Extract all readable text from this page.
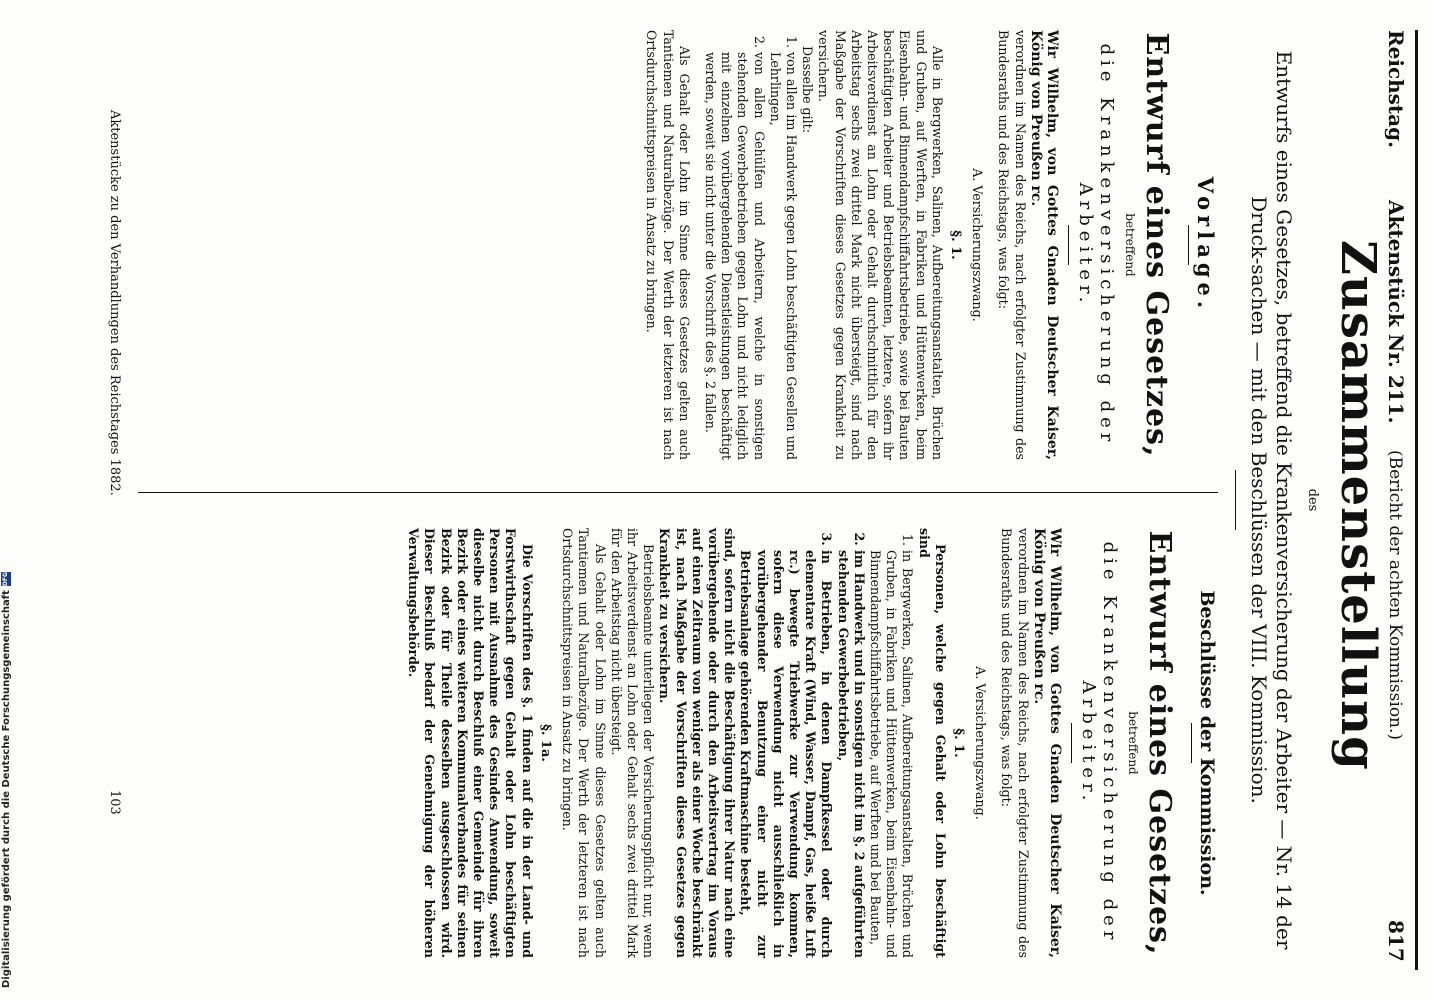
Reichstag.
Aktenstück Nr. 211.
(Bericht der achten Kommission.)
817
Zusammenstellung
des
Entwurfs eines Gesetzes, betreffend die Krankenversicherung der Arbeiter — Nr. 14 der Druck-sachen — mit den Beschlüssen der VIII. Kommission.
Vorlage.
Entwurf eines Gesetzes,
betreffend
die Krankenversicherung der Arbeiter.

Wir Wilhelm, von Gottes Gnaden Deutscher Kaiser, König von Preußen rc.

verordnen im Namen des Reichs, nach erfolgter Zustimmung des Bundesraths und des Reichstags, was folgt:

A. Versicherungszwang.

§. 1.

Alle in Bergwerken, Salinen, Aufbereitungsanstalten, Brüchen und Gruben, auf Werften, in Fabriken und Hüttenwerken, beim Eisenbahn- und Binnendampfschiffahrtsbetriebe, sowie bei Bauten beschäftigten Arbeiter und Betriebsbeamten, letztere, sofern ihr Arbeitsverdienst an Lohn oder Gehalt durchschnittlich für den Arbeitstag sechs zwei drittel Mark nicht übersteigt, sind nach Maßgabe der Vorschriften dieses Gesetzes gegen Krankheit zu versichern.

Dasselbe gilt:

1. von allen im Handwerk gegen Lohn beschäftigten Gesellen und Lehrlingen,
2. von allen Gehülfen und Arbeitern, welche in sonstigen stehenden Gewerbebetrieben gegen Lohn und nicht lediglich mit einzelnen vorübergehenden Dienstleistungen beschäftigt werden, soweit sie nicht unter die Vorschrift des §. 2 fallen.

Als Gehalt oder Lohn im Sinne dieses Gesetzes gelten auch Tantiemen und Naturalbezüge. Der Werth der letzteren ist nach Ortsdurchschnittspreisen in Ansatz zu bringen.

Beschlüsse der Kommission.
Entwurf eines Gesetzes,
betreffend
die Krankenversicherung der Arbeiter.

Wir Wilhelm, von Gottes Gnaden Deutscher Kaiser, König von Preußen rc.

verordnen im Namen des Reichs, nach erfolgter Zustimmung des Bundesraths und des Reichstags, was folgt:

A. Versicherungszwang.

§. 1.

Personen, welche gegen Gehalt oder Lohn beschäftigt sind

1. in Bergwerken, Salinen, Aufbereitungsanstalten, Brüchen und Gruben, in Fabriken und Hüttenwerken, beim Eisenbahn- und Binnendampfschiffahrtsbetriebe, auf Werften und bei Bauten,
2. im Handwerk und in sonstigen nicht im §. 2 aufgeführten stehenden Gewerbebetrieben,
3. in Betrieben, in denen Dampfkessel oder durch elementare Kraft (Wind, Wasser, Dampf, Gas, heiße Luft rc.) bewegte Triebwerke zur Verwendung kommen, sofern diese Verwendung nicht ausschließlich in vorübergehender Benutzung einer nicht zur Betriebsanlage gehörenden Kraftmaschine besteht,

sind, sofern nicht die Beschäftigung ihrer Natur nach eine vorübergehende oder durch den Arbeitsvertrag im Voraus auf einen Zeitraum von weniger als einer Woche beschränkt ist, nach Maßgabe der Vorschriften dieses Gesetzes gegen Krankheit zu versichern.

Betriebsbeamte unterliegen der Versicherungspflicht nur, wenn ihr Arbeitsverdienst an Lohn oder Gehalt sechs zwei drittel Mark für den Arbeitstag nicht übersteigt.

Als Gehalt oder Lohn im Sinne dieses Gesetzes gelten auch Tantiemen und Naturalbezüge. Der Werth der letzteren ist nach Ortsdurchschnittspreisen in Ansatz zu bringen.

§. 1a.

Die Vorschriften des §. 1 finden auf die in der Land- und Forstwirthschaft gegen Gehalt oder Lohn beschäftigten Personen mit Ausnahme des Gesindes Anwendung, soweit dieselbe nicht durch Beschluß einer Gemeinde für ihren Bezirk oder eines weiteren Kommunalverbandes für seinen Bezirk oder für Theile desselben ausgeschlossen wird. Dieser Beschluß bedarf der Genehmigung der höheren Verwaltungsbehörde.

Aktenstücke zu den Verhandlungen des Reichstages 1882.
103
Digitalisierung gefördert durch die Deutsche Forschungsgemeinschaft
DFG
